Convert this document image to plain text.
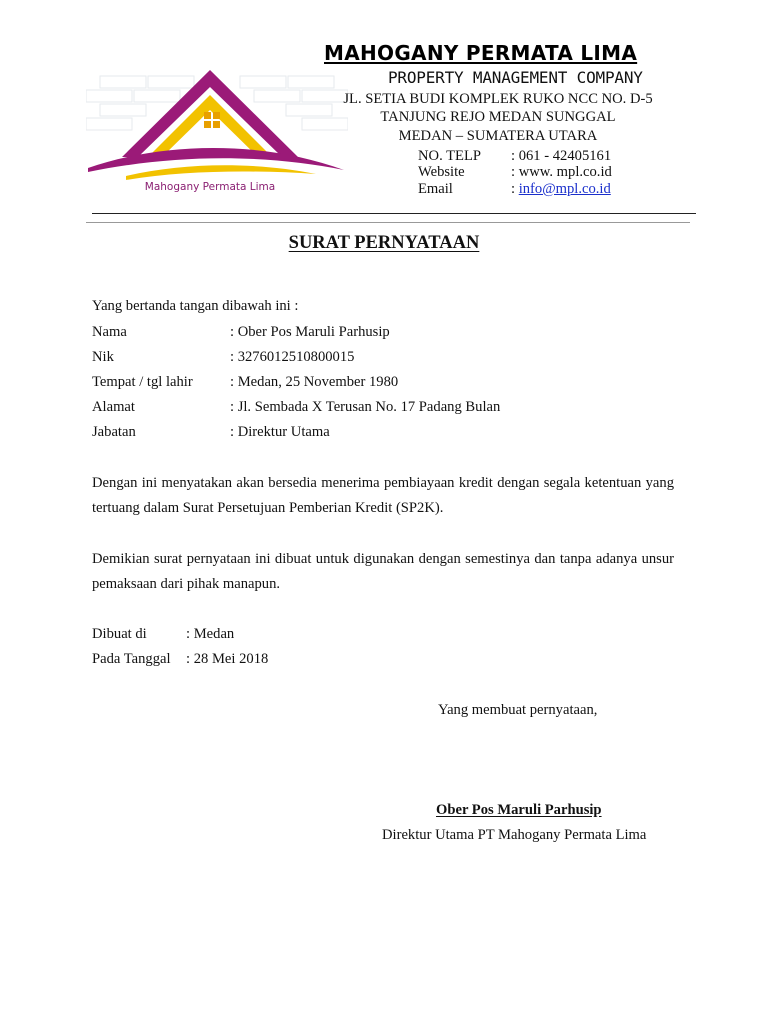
Mahogany Permata Lima
MAHOGANY PERMATA LIMA
PROPERTY MANAGEMENT COMPANY
JL. SETIA BUDI KOMPLEK RUKO NCC NO. D-5
TANJUNG REJO MEDAN SUNGGAL
MEDAN – SUMATERA UTARA
NO. TELP	: 061 - 42405161
Website	: www. mpl.co.id
Email	: info@mpl.co.id
SURAT PERNYATAAN
Yang bertanda tangan dibawah ini :
Nama	: Ober Pos Maruli Parhusip
Nik	: 3276012510800015
Tempat / tgl lahir	: Medan, 25 November 1980
Alamat	: Jl. Sembada X Terusan No. 17 Padang Bulan
Jabatan	: Direktur Utama
Dengan ini menyatakan akan bersedia menerima pembiayaan kredit dengan segala ketentuan yang tertuang dalam Surat Persetujuan Pemberian Kredit (SP2K).
Demikian surat pernyataan ini dibuat untuk digunakan dengan semestinya dan tanpa adanya unsur pemaksaan dari pihak manapun.
Dibuat di	: Medan
Pada Tanggal : 28 Mei 2018
Yang membuat pernyataan,
Ober Pos Maruli Parhusip
Direktur Utama PT Mahogany Permata Lima
